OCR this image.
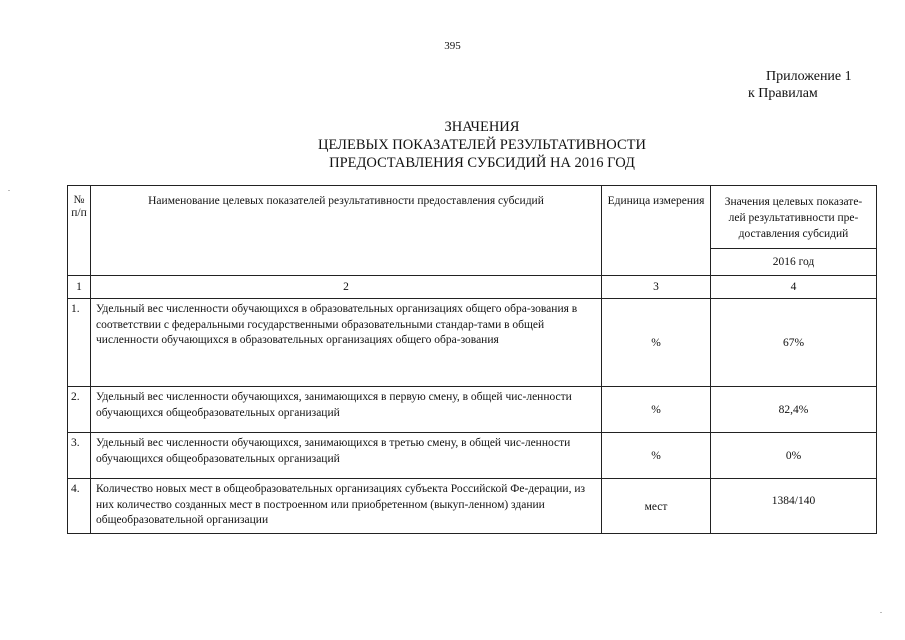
395
Приложение 1
к Правилам
ЗНАЧЕНИЯ
ЦЕЛЕВЫХ ПОКАЗАТЕЛЕЙ РЕЗУЛЬТАТИВНОСТИ
ПРЕДОСТАВЛЕНИЯ СУБСИДИЙ НА 2016 ГОД
№ п/п	Наименование целевых показателей результативности предоставления субсидий	Единица измерения	Значения целевых показате-лей результативности пре-доставления субсидий
			2016 год
1	2	3	4
1.	Удельный вес численности обучающихся в образовательных организациях общего обра-зования в соответствии с федеральными государственными образовательными стандар-тами в общей численности обучающихся в образовательных организациях общего обра-зования	%	67%
2.	Удельный вес численности обучающихся, занимающихся в первую смену, в общей чис-ленности обучающихся общеобразовательных организаций	%	82,4%
3.	Удельный вес численности обучающихся, занимающихся в третью смену, в общей чис-ленности обучающихся общеобразовательных организаций	%	0%
4.	Количество новых мест в общеобразовательных организациях субъекта Российской Фе-дерации, из них количество созданных мест в построенном или приобретенном (выкуп-ленном) здании общеобразовательной организации	мест	1384/140
